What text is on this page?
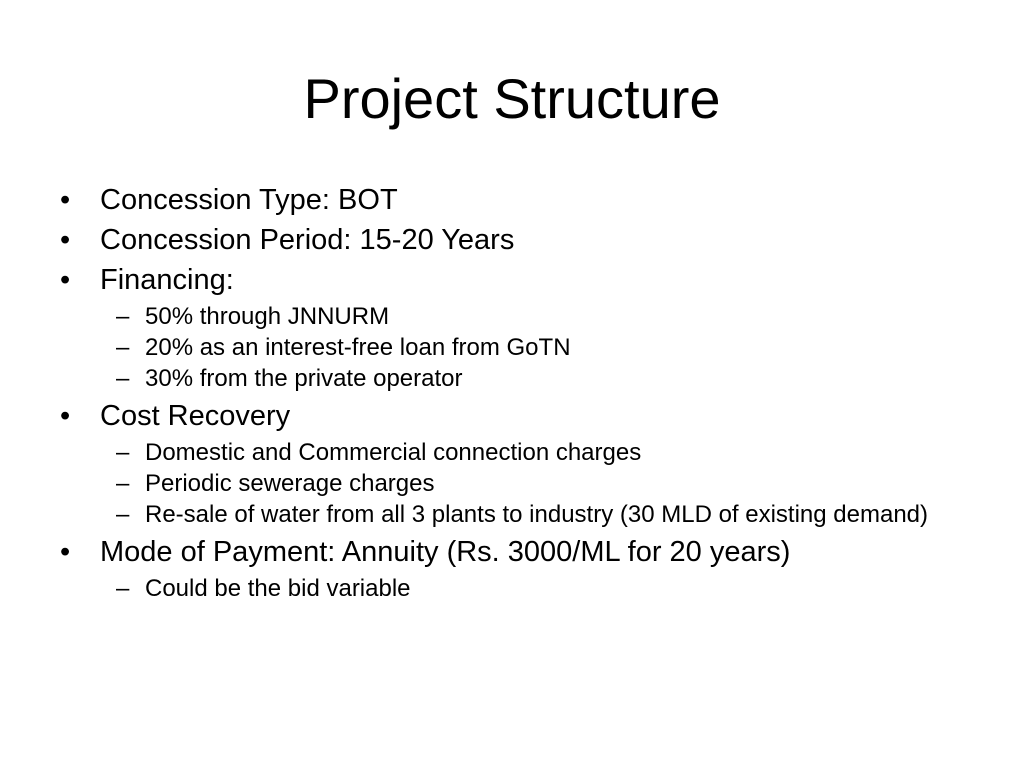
Project Structure
•	Concession Type: BOT
•	Concession Period: 15-20 Years
•	Financing:
– 50% through JNNURM
– 20% as an interest-free loan from GoTN
– 30% from the private operator
•	Cost Recovery
– Domestic and Commercial connection charges
– Periodic sewerage charges
– Re-sale of water from all 3 plants to industry (30 MLD of existing demand)
•	Mode of Payment: Annuity (Rs. 3000/ML for 20 years)
– Could be the bid variable
